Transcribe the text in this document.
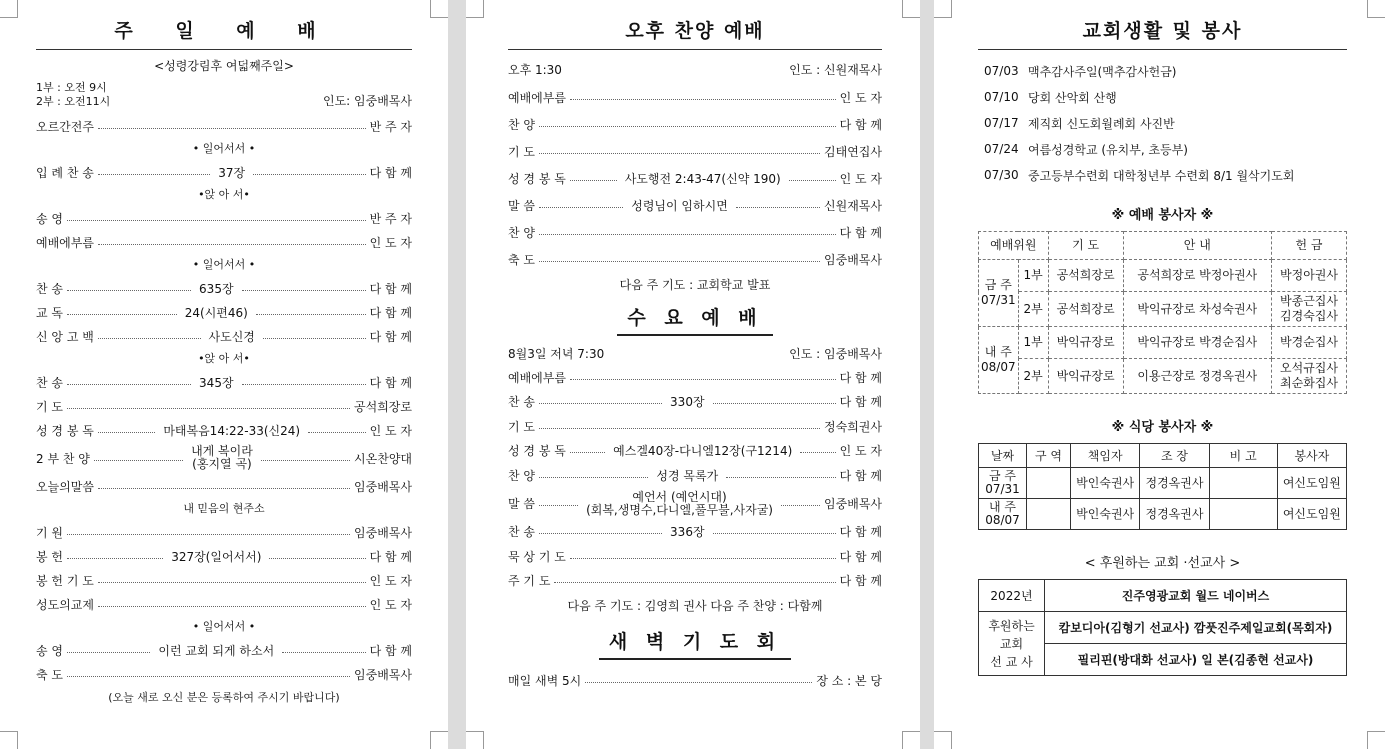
주 일 예 배
<성령강림후 여덟째주일>
1부 : 오전 9시
2부 : 오전11시	인도: 임중배목사
오르간전주	반 주 자
• 일어서서 •
입 례 찬 송	37장	다 함 께
•앉 아 서•
송 영	반 주 자
예배에부름	인 도 자
• 일어서서 •
찬 송	635장	다 함 께
교 독	24(시편46)	다 함 께
신 앙 고 백	사도신경	다 함 께
•앉 아 서•
찬 송	345장	다 함 께
기 도	공석희장로
성 경 봉 독	마태복음14:22-33(신24)	인 도 자
2 부 찬 양
내게 복이라
(홍지열 곡)	시온찬양대
오늘의말씀	임중배목사
내 믿음의 현주소
기 원	임중배목사
봉 헌	327장(일어서서)	다 함 께
봉 헌 기 도	인 도 자
성도의교제	인 도 자
• 일어서서 •
송 영	이런 교회 되게 하소서	다 함 께
축 도	임중배목사
(오늘 새로 오신 분은 등록하여 주시기 바랍니다)
오후 찬양 예배
오후 1:30	인도 : 신원재목사
예배에부름	인 도 자
찬 양	다 함 께
기 도	김태연집사
성 경 봉 독	사도행전 2:43-47(신약 190)	인 도 자
말 씀	성령님이 임하시면	신원재목사
찬 양	다 함 께
축 도	임중배목사
다음 주 기도 : 교회학교 발표
수 요 예 배
8월3일 저녁 7:30	인도 : 임중배목사
예배에부름	다 함 께
찬 송	330장	다 함 께
기 도	정숙희권사
성 경 봉 독	예스겔40장-다니엘12장(구1214)	인 도 자
찬 양	성경 목록가	다 함 께
말 씀
예언서 (예언시대)
(회복,생명수,다니엘,풀무불,사자굴)	임중배목사
찬 송	336장	다 함 께
묵 상 기 도	다 함 께
주 기 도	다 함 께
다음 주 기도 : 김영희 권사 다음 주 찬양 : 다함께
새 벽 기 도 회
매일 새벽 5시	장 소 : 본 당
교회생활 및 봉사
07/03 맥추감사주일(맥추감사헌금)
07/10 당회 산악회 산행
07/17 제직회 신도회월례회 사진반
07/24 여름성경학교 (유치부, 초등부)
07/30 중고등부수련회 대학청년부 수련회 8/1 월삭기도회
※ 예배 봉사자 ※
예배위원		기 도	안 내	헌 금

금 주
07/31	1부	공석희장로	공석희장로 박정아권사	박정아권사

	2부	공석희장로	박익규장로 차성숙권사	박종근집사
김경숙집사

내 주
08/07	1부	박익규장로	박익규장로 박경순집사	박경순집사

	2부	박익규장로	이용근장로 정경옥권사	오석규집사
최순화집사
※ 식당 봉사자 ※
날짜	구 역	책임자	조 장	비 고	봉사자

금 주
07/31		박인숙권사	정경옥권사		여신도임원

내 주
08/07		박인숙권사	정경옥권사		여신도임원
< 후원하는 교회 ·선교사 >
2022년	진주영광교회 월드 네이버스

후원하는
교회
선 교 사	캄보디아(김형기 선교사) 깜풋진주제일교회(목회자)
	필리핀(방대화 선교사) 일 본(김종현 선교사)
